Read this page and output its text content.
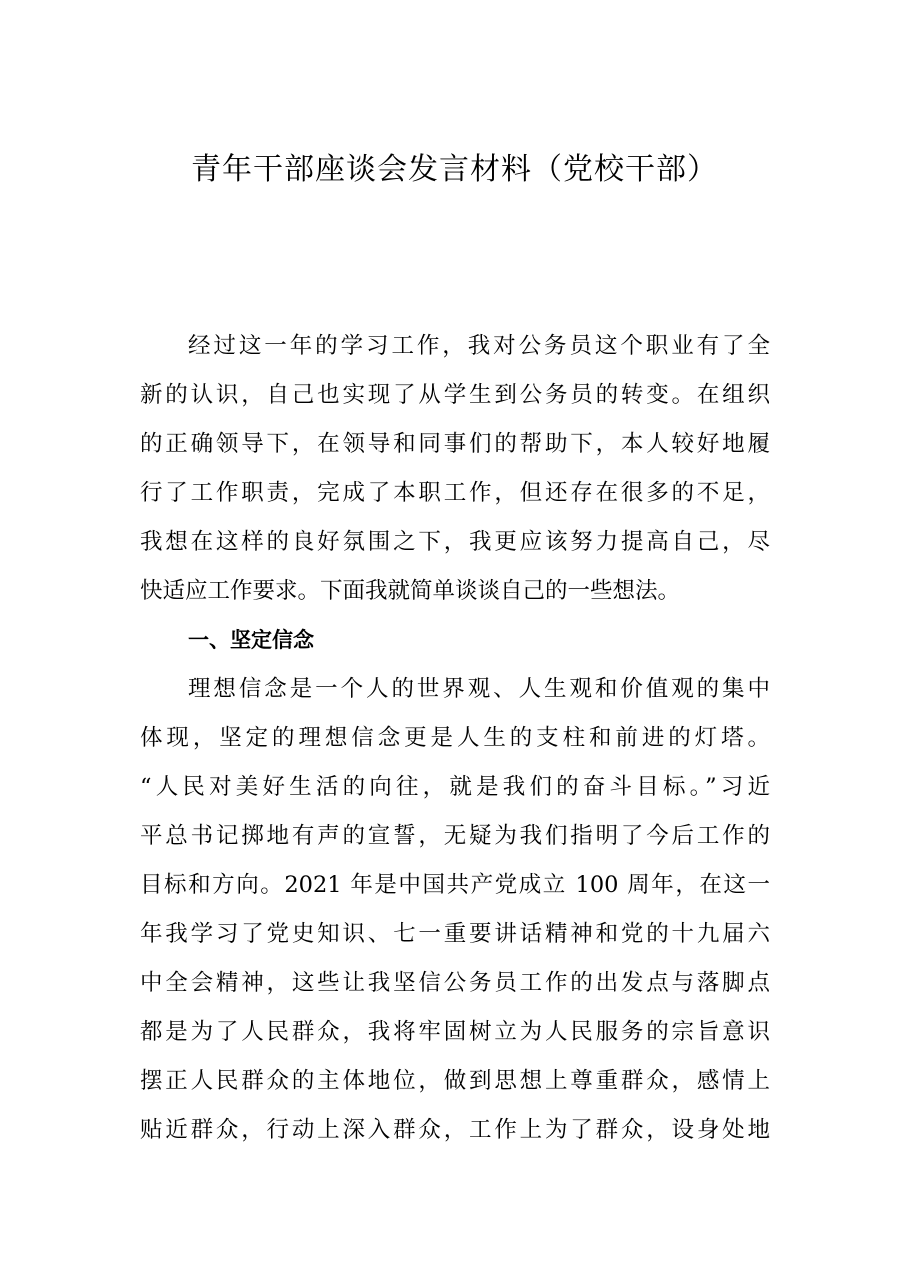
青年干部座谈会发言材料（党校干部）
经过这一年的学习工作，我对公务员这个职业有了全
新的认识，自己也实现了从学生到公务员的转变。在组织
的正确领导下，在领导和同事们的帮助下，本人较好地履
行了工作职责，完成了本职工作，但还存在很多的不足，
我想在这样的良好氛围之下，我更应该努力提高自己，尽
快适应工作要求。下面我就简单谈谈自己的一些想法。
一、坚定信念
理想信念是一个人的世界观、人生观和价值观的集中
体现，坚定的理想信念更是人生的支柱和前进的灯塔。
“人民对美好生活的向往，就是我们的奋斗目标。”习近
平总书记掷地有声的宣誓，无疑为我们指明了今后工作的
目标和方向。2021 年是中国共产党成立 100 周年，在这一
年我学习了党史知识、七一重要讲话精神和党的十九届六
中全会精神，这些让我坚信公务员工作的出发点与落脚点
都是为了人民群众，我将牢固树立为人民服务的宗旨意识
摆正人民群众的主体地位，做到思想上尊重群众，感情上
贴近群众，行动上深入群众，工作上为了群众，设身处地
